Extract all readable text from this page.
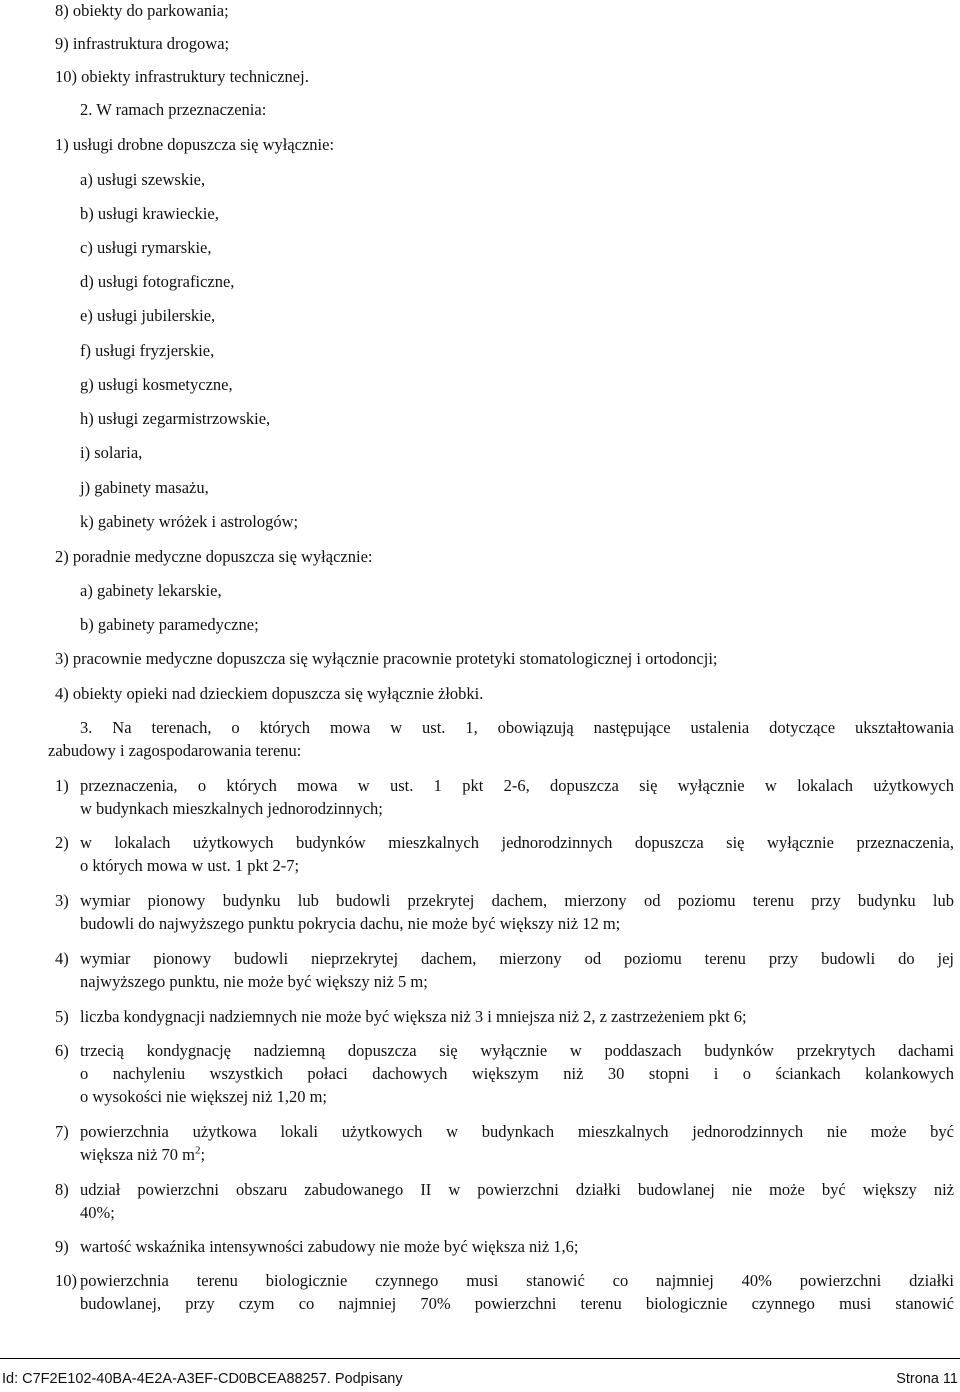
8) obiekty do parkowania;
9) infrastruktura drogowa;
10) obiekty infrastruktury technicznej.
2. W ramach przeznaczenia:
1) usługi drobne dopuszcza się wyłącznie:
a) usługi szewskie,
b) usługi krawieckie,
c) usługi rymarskie,
d) usługi fotograficzne,
e) usługi jubilerskie,
f) usługi fryzjerskie,
g) usługi kosmetyczne,
h) usługi zegarmistrzowskie,
i) solaria,
j) gabinety masażu,
k) gabinety wróżek i astrologów;
2) poradnie medyczne dopuszcza się wyłącznie:
a) gabinety lekarskie,
b) gabinety paramedyczne;
3) pracownie medyczne dopuszcza się wyłącznie pracownie protetyki stomatologicznej i ortodoncji;
4) obiekty opieki nad dzieckiem dopuszcza się wyłącznie żłobki.
3. Na terenach, o których mowa w ust. 1, obowiązują następujące ustalenia dotyczące ukształtowania
zabudowy i zagospodarowania terenu:
1) przeznaczenia, o których mowa w ust. 1 pkt 2-6, dopuszcza się wyłącznie w lokalach użytkowych
w budynkach mieszkalnych jednorodzinnych;
2) w lokalach użytkowych budynków mieszkalnych jednorodzinnych dopuszcza się wyłącznie przeznaczenia,
o których mowa w ust. 1 pkt 2-7;
3) wymiar pionowy budynku lub budowli przekrytej dachem, mierzony od poziomu terenu przy budynku lub
budowli do najwyższego punktu pokrycia dachu, nie może być większy niż 12 m;
4) wymiar pionowy budowli nieprzekrytej dachem, mierzony od poziomu terenu przy budowli do jej
najwyższego punktu, nie może być większy niż 5 m;
5) liczba kondygnacji nadziemnych nie może być większa niż 3 i mniejsza niż 2, z zastrzeżeniem pkt 6;
6) trzecią kondygnację nadziemną dopuszcza się wyłącznie w poddaszach budynków przekrytych dachami
o nachyleniu wszystkich połaci dachowych większym niż 30 stopni i o ściankach kolankowych
o wysokości nie większej niż 1,20 m;
7) powierzchnia użytkowa lokali użytkowych w budynkach mieszkalnych jednorodzinnych nie może być
większa niż 70 $m^2$;
8) udział powierzchni obszaru zabudowanego II w powierzchni działki budowlanej nie może być większy niż
40%;
9) wartość wskaźnika intensywności zabudowy nie może być większa niż 1,6;
10) powierzchnia terenu biologicznie czynnego musi stanowić co najmniej 40% powierzchni działki
budowlanej, przy czym co najmniej 70% powierzchni terenu biologicznie czynnego musi stanowić
Id: C7F2E102-40BA-4E2A-A3EF-CD0BCEA88257. Podpisany	Strona 11
